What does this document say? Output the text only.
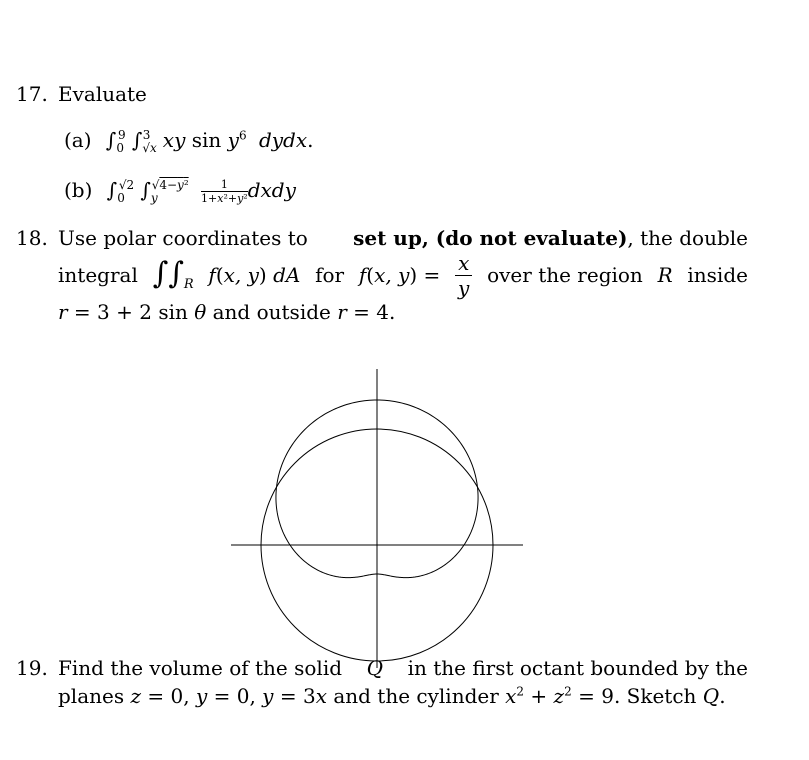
17. Evaluate
(a) $\int_0^9$ $\int_{√x}^3$ xy $\sin y^6$ dydx.
(b) $\int_0^{√2}$ $\int_y^{√4-y^2} \frac{1}{\text{1+x²+y²}}$ dxdy
18. Use polar coordinates to set up, (do not evaluate), the double
integral $\int\int_R$ f(x, y) dA for f(x, $y) = \frac{x}{y}$ over the region R inside
r = 3 + 2 sin θ and outside r = 4.
19. Find the volume of the solid Q in the first octant bounded by the
planes z = 0, y = 0, y = 3x and the cylinder $x^2 + z^2 = 9$. Sketch Q.
